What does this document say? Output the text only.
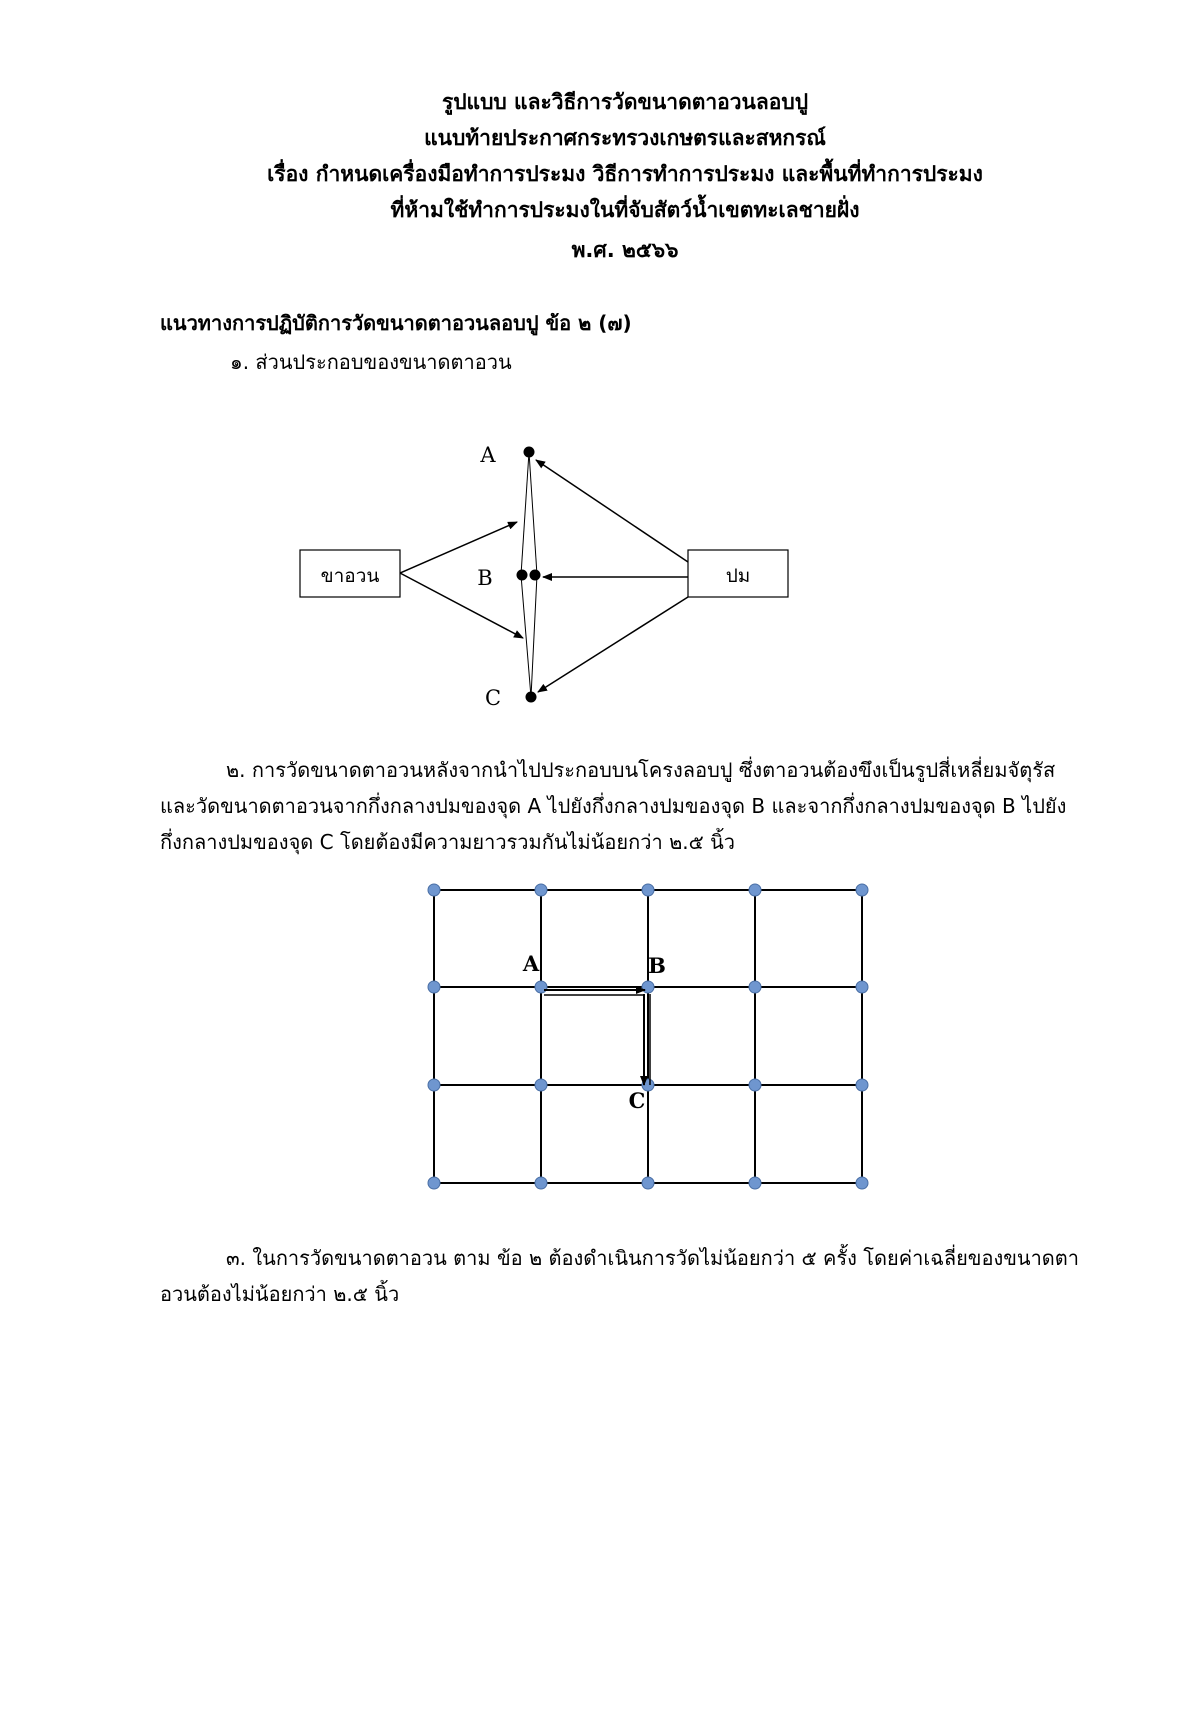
รูปแบบ และวิธีการวัดขนาดตาอวนลอบปู
แนบท้ายประกาศกระทรวงเกษตรและสหกรณ์
เรื่อง กำหนดเครื่องมือทำการประมง วิธีการทำการประมง และพื้นที่ทำการประมง
ที่ห้ามใช้ทำการประมงในที่จับสัตว์น้ำเขตทะเลชายฝั่ง
พ.ศ. ๒๕๖๖
แนวทางการปฏิบัติการวัดขนาดตาอวนลอบปู ข้อ ๒ (๗)
๑. ส่วนประกอบของขนาดตาอวน
ขาอวน	ปม
A
B
C
๒. การวัดขนาดตาอวนหลังจากนำไปประกอบบนโครงลอบปู ซึ่งตาอวนต้องขึงเป็นรูปสี่เหลี่ยมจัตุรัส และวัดขนาดตาอวนจากกึ่งกลางปมของจุด A ไปยังกึ่งกลางปมของจุด B และจากกึ่งกลางปมของจุด B ไปยังกึ่งกลางปมของจุด C โดยต้องมีความยาวรวมกันไม่น้อยกว่า ๒.๕ นิ้ว
A	B
C
๓. ในการวัดขนาดตาอวน ตาม ข้อ ๒ ต้องดำเนินการวัดไม่น้อยกว่า ๕ ครั้ง โดยค่าเฉลี่ยของขนาดตาอวนต้องไม่น้อยกว่า ๒.๕ นิ้ว
